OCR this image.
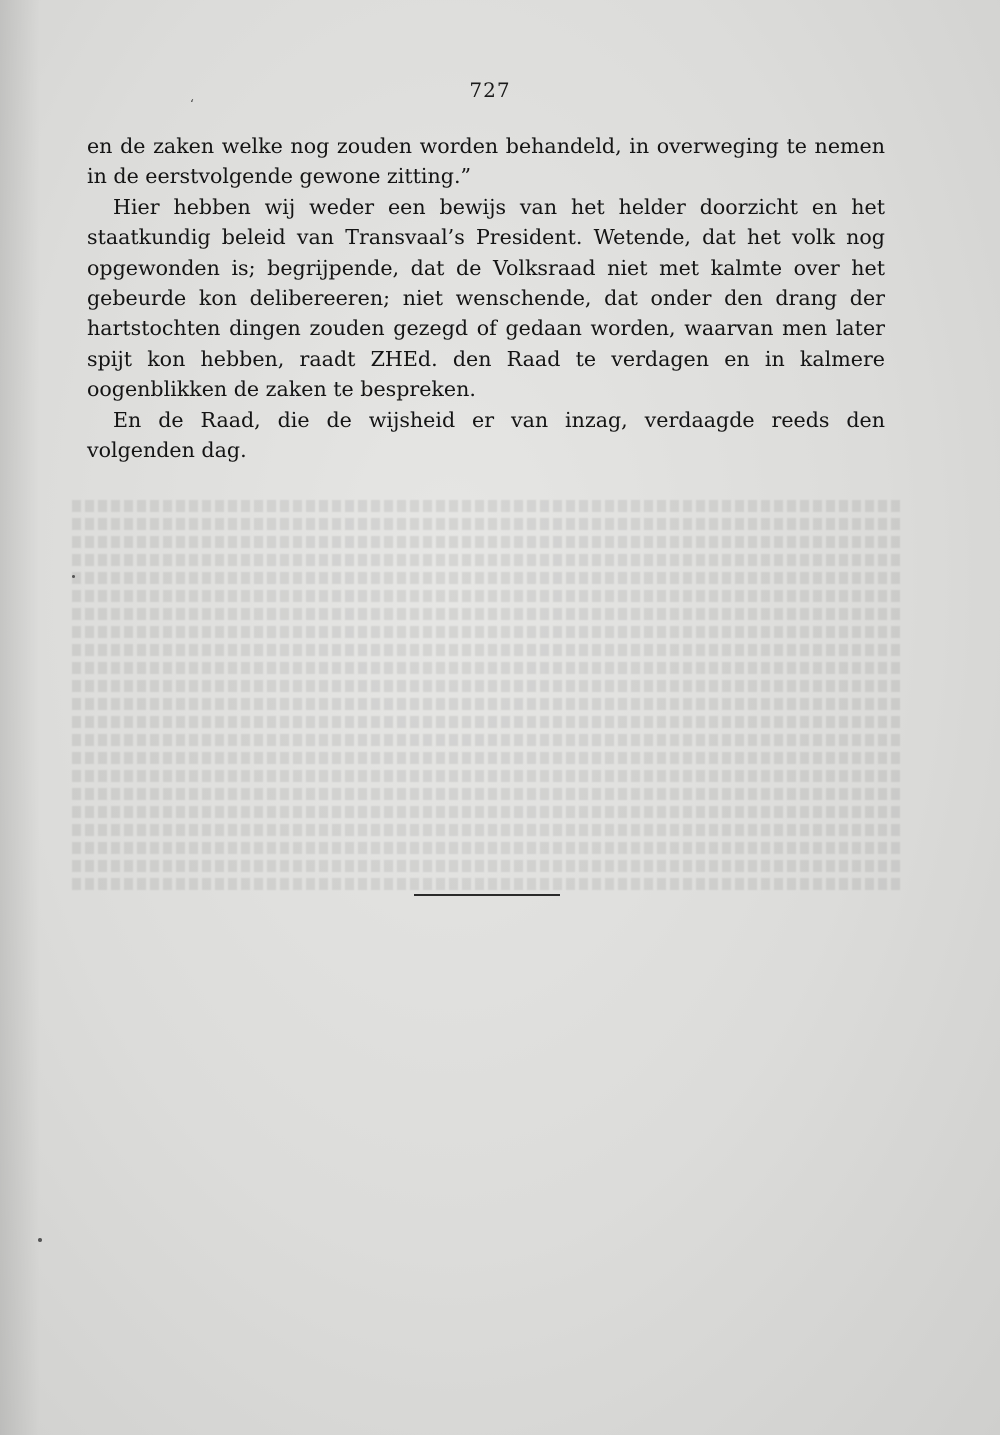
‘
727

en de zaken welke nog zouden worden behandeld, in overweging te nemen in de eerstvolgende gewone zitting.”

Hier hebben wij weder een bewijs van het helder doorzicht en het staatkundig beleid van Transvaal’s President. Wetende, dat het volk nog opgewonden is; begrijpende, dat de Volksraad niet met kalmte over het gebeurde kon delibereeren; niet wenschende, dat onder den drang der hartstochten dingen zouden gezegd of gedaan worden, waarvan men later spijt kon hebben, raadt ZHEd. den Raad te verdagen en in kalmere oogenblikken de zaken te bespreken.

En de Raad, die de wijsheid er van inzag, verdaagde reeds den volgenden dag.
